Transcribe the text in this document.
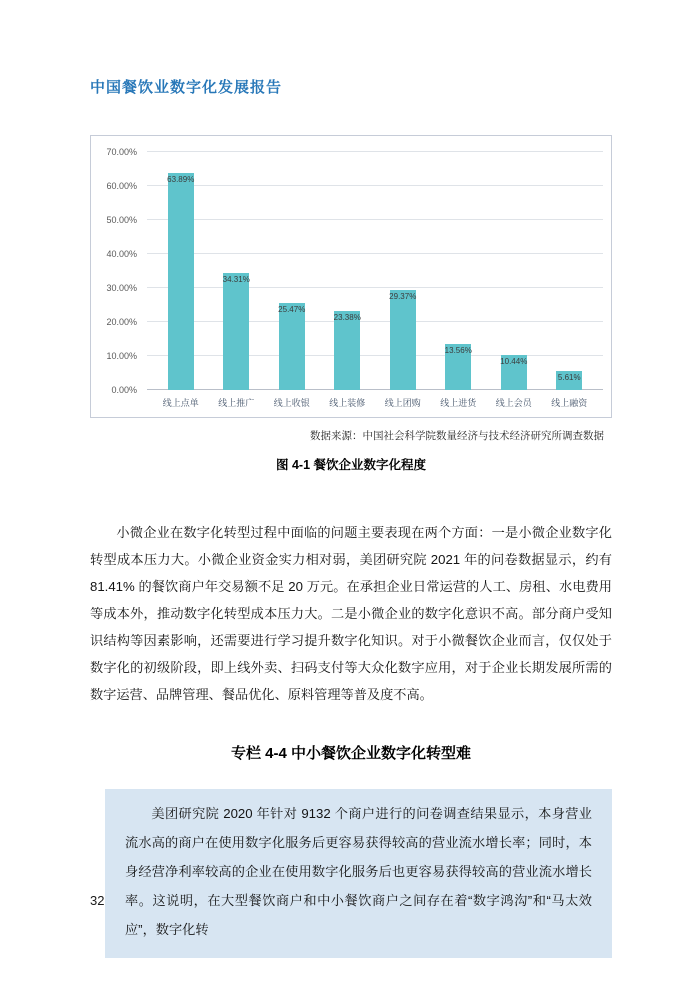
中国餐饮业数字化发展报告
70.00%
60.00%
50.00%
40.00%
30.00%
20.00%
10.00%
0.00%
63.89%
34.31%
25.47%
23.38%
29.37%
13.56%
10.44%
5.61%
线上点单	线上推广	线上收银	线上装修	线上团购	线上进货	线上会员	线上融资
数据来源：中国社会科学院数量经济与技术经济研究所调查数据
图 4-1 餐饮企业数字化程度

小微企业在数字化转型过程中面临的问题主要表现在两个方面：一是小微企业数字化转型成本压力大。小微企业资金实力相对弱，美团研究院 2021 年的问卷数据显示，约有 81.41% 的餐饮商户年交易额不足 20 万元。在承担企业日常运营的人工、房租、水电费用等成本外，推动数字化转型成本压力大。二是小微企业的数字化意识不高。部分商户受知识结构等因素影响，还需要进行学习提升数字化知识。对于小微餐饮企业而言，仅仅处于数字化的初级阶段，即上线外卖、扫码支付等大众化数字应用，对于企业长期发展所需的数字运营、品牌管理、餐品优化、原料管理等普及度不高。

专栏 4-4 中小餐饮企业数字化转型难

美团研究院 2020 年针对 9132 个商户进行的问卷调查结果显示，本身营业流水高的商户在使用数字化服务后更容易获得较高的营业流水增长率；同时，本身经营净利率较高的企业在使用数字化服务后也更容易获得较高的营业流水增长率。这说明，在大型餐饮商户和中小餐饮商户之间存在着“数字鸿沟”和“马太效应”，数字化转

32
